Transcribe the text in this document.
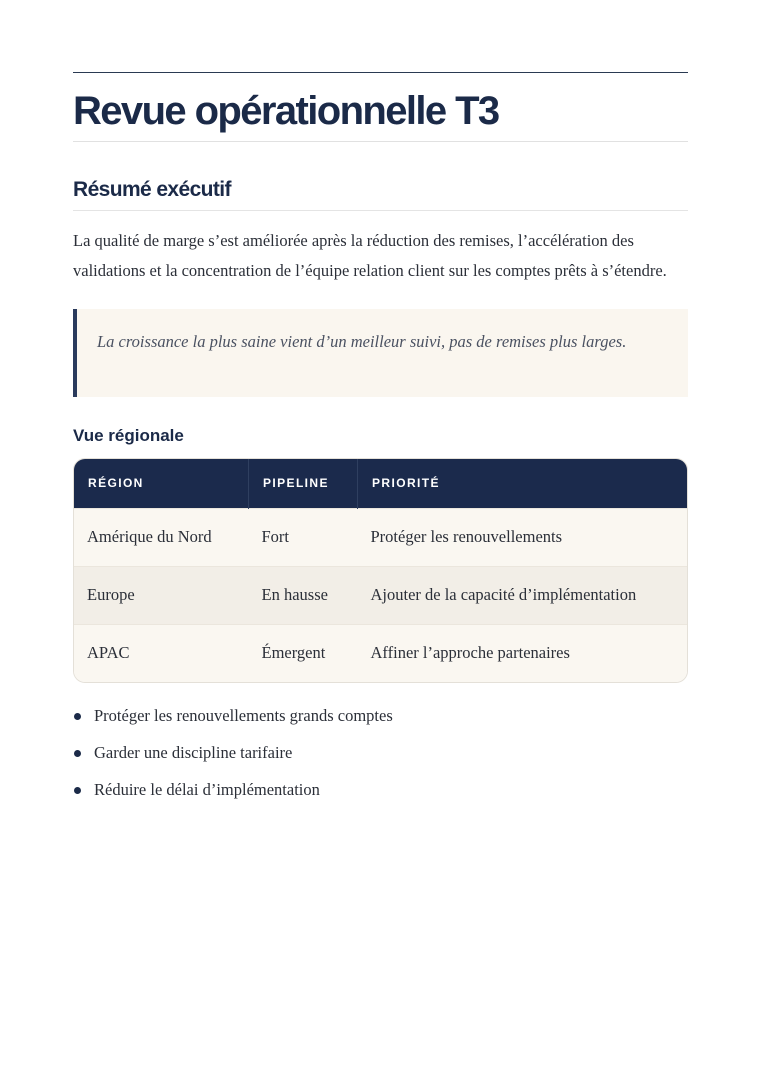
Revue opérationnelle T3
Résumé exécutif

La qualité de marge s’est améliorée après la réduction des remises, l’accélération des validations et la concentration de l’équipe relation client sur les comptes prêts à s’étendre.

La croissance la plus saine vient d’un meilleur suivi, pas de remises plus larges.
Vue régionale
RÉGION	PIPELINE	PRIORITÉ
Amérique du Nord	Fort	Protéger les renouvellements
Europe	En hausse	Ajouter de la capacité d’implémentation
APAC	Émergent	Affiner l’approche partenaires
Protéger les renouvellements grands comptes
Garder une discipline tarifaire
Réduire le délai d’implémentation
